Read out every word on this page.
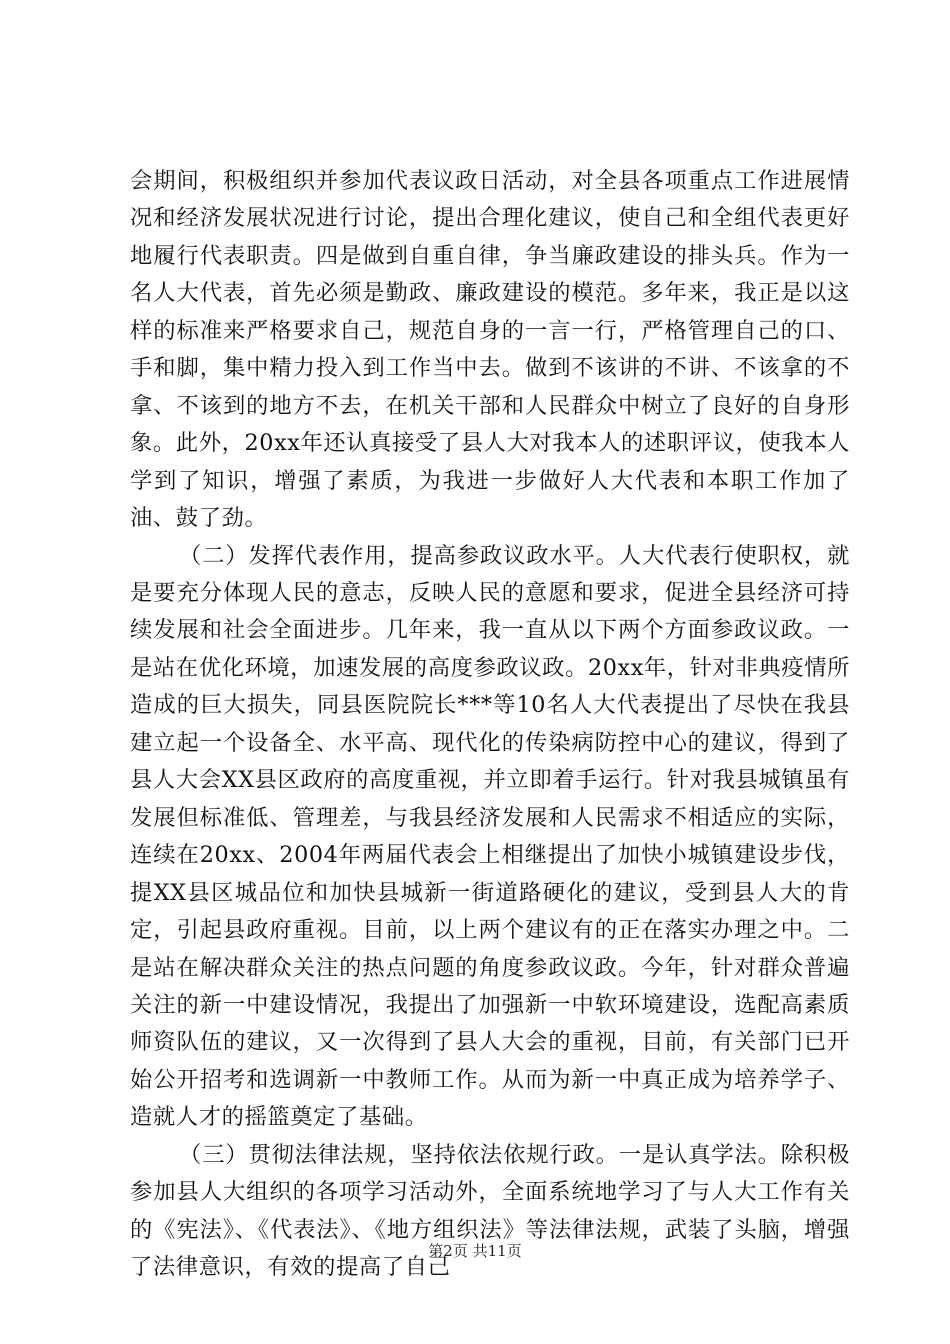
会期间，积极组织并参加代表议政日活动，对全县各项重点工作进展情况和经济发展状况进行讨论，提出合理化建议，使自己和全组代表更好地履行代表职责。四是做到自重自律，争当廉政建设的排头兵。作为一名人大代表，首先必须是勤政、廉政建设的模范。多年来，我正是以这样的标准来严格要求自己，规范自身的一言一行，严格管理自己的口、手和脚，集中精力投入到工作当中去。做到不该讲的不讲、不该拿的不拿、不该到的地方不去，在机关干部和人民群众中树立了良好的自身形象。此外，20xx年还认真接受了县人大对我本人的述职评议，使我本人学到了知识，增强了素质，为我进一步做好人大代表和本职工作加了油、鼓了劲。

（二）发挥代表作用，提高参政议政水平。人大代表行使职权，就是要充分体现人民的意志，反映人民的意愿和要求，促进全县经济可持续发展和社会全面进步。几年来，我一直从以下两个方面参政议政。一是站在优化环境，加速发展的高度参政议政。20xx年，针对非典疫情所造成的巨大损失，同县医院院长***等10名人大代表提出了尽快在我县建立起一个设备全、水平高、现代化的传染病防控中心的建议，得到了县人大会XX县区政府的高度重视，并立即着手运行。针对我县城镇虽有发展但标准低、管理差，与我县经济发展和人民需求不相适应的实际，连续在20xx、2004年两届代表会上相继提出了加快小城镇建设步伐，提XX县区城品位和加快县城新一街道路硬化的建议，受到县人大的肯定，引起县政府重视。目前，以上两个建议有的正在落实办理之中。二是站在解决群众关注的热点问题的角度参政议政。今年，针对群众普遍关注的新一中建设情况，我提出了加强新一中软环境建设，选配高素质师资队伍的建议，又一次得到了县人大会的重视，目前，有关部门已开始公开招考和选调新一中教师工作。从而为新一中真正成为培养学子、造就人才的摇篮奠定了基础。

（三）贯彻法律法规，坚持依法依规行政。一是认真学法。除积极参加县人大组织的各项学习活动外，全面系统地学习了与人大工作有关的《宪法》、《代表法》、《地方组织法》等法律法规，武装了头脑，增强了法律意识，有效的提高了自己

第2页 共11页
